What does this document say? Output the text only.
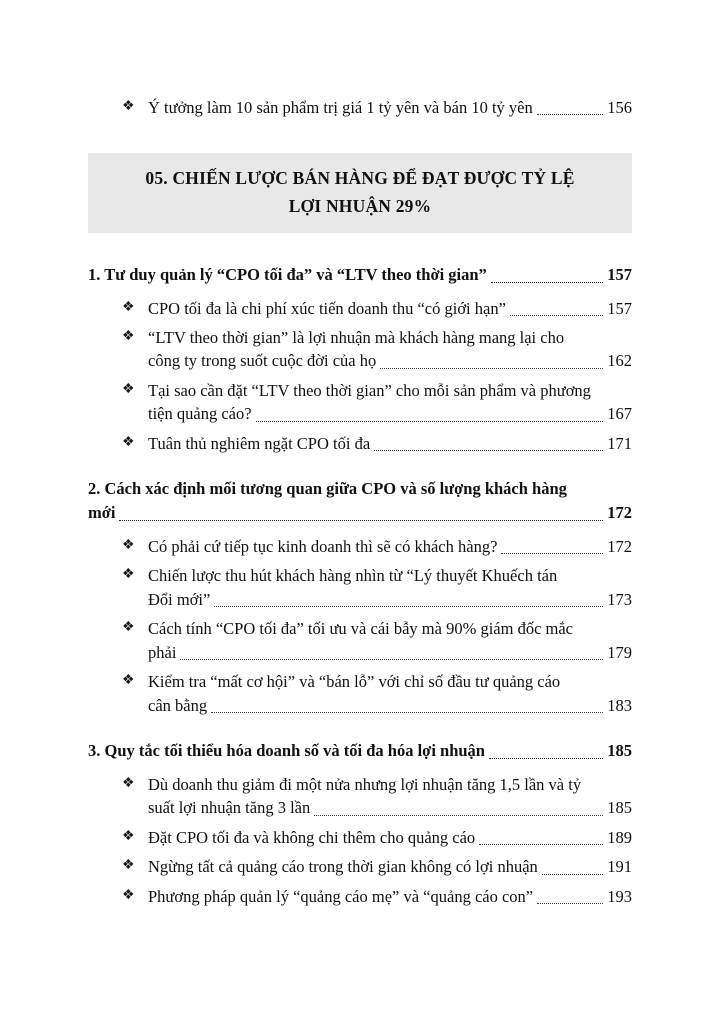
❖ Ý tưởng làm 10 sản phẩm trị giá 1 tỷ yên và bán 10 tỷ yên	156
05. CHIẾN LƯỢC BÁN HÀNG ĐỂ ĐẠT ĐƯỢC TỶ LỆ
LỢI NHUẬN 29%
1. Tư duy quản lý “CPO tối đa” và “LTV theo thời gian”	157
❖ CPO tối đa là chi phí xúc tiến doanh thu “có giới hạn”	157
❖ “LTV theo thời gian” là lợi nhuận mà khách hàng mang lại cho
công ty trong suốt cuộc đời của họ	162
❖ Tại sao cần đặt “LTV theo thời gian” cho mỗi sản phẩm và phương
tiện quảng cáo?	167
❖ Tuân thủ nghiêm ngặt CPO tối đa	171
2. Cách xác định mối tương quan giữa CPO và số lượng khách hàng
mới	172
❖ Có phải cứ tiếp tục kinh doanh thì sẽ có khách hàng?	172
❖ Chiến lược thu hút khách hàng nhìn từ “Lý thuyết Khuếch tán
Đổi mới”	173
❖ Cách tính “CPO tối đa” tối ưu và cái bẫy mà 90% giám đốc mắc
phải	179
❖ Kiểm tra “mất cơ hội” và “bán lỗ” với chỉ số đầu tư quảng cáo
cân bằng	183
3. Quy tắc tối thiểu hóa doanh số và tối đa hóa lợi nhuận	185
❖ Dù doanh thu giảm đi một nửa nhưng lợi nhuận tăng 1,5 lần và tỷ
suất lợi nhuận tăng 3 lần	185
❖ Đặt CPO tối đa và không chi thêm cho quảng cáo	189
❖ Ngừng tất cả quảng cáo trong thời gian không có lợi nhuận	191
❖ Phương pháp quản lý “quảng cáo mẹ” và “quảng cáo con”	193
